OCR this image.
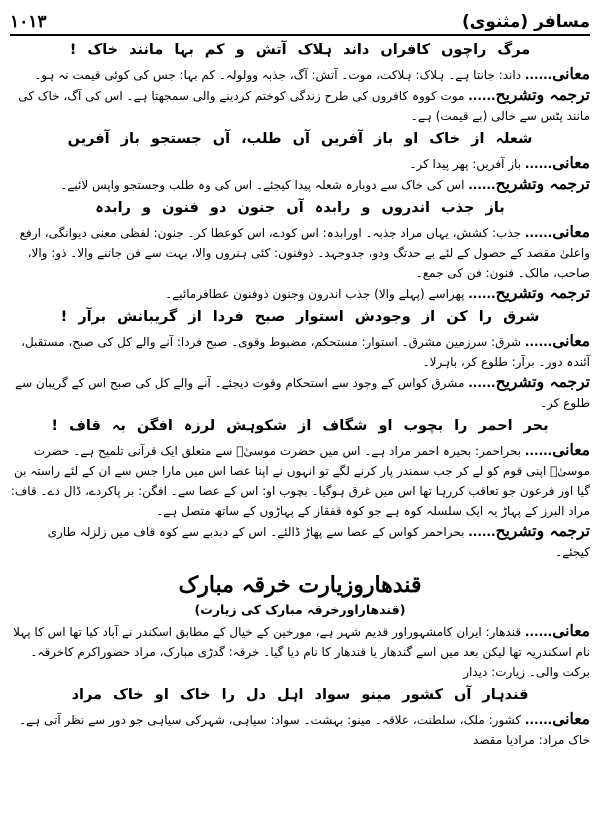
۱۰۱۳	مسافر (مثنوی)
مرگ راچوں کافراں داند ہلاک آتش و کم بہا مانند خاک !

معانی...... داند: جانتا ہے۔ ہلاک: ہلاکت، موت۔ آتش: آگ، جذبہ وولولہ۔ کم بہا: جس کی کوئی قیمت نہ ہو۔

ترجمہ وتشریح...... موت کووہ کافروں کی طرح زندگی کوختم کردینے والی سمجھتا ہے۔ اس کی آگ، خاک کی مانند پٹس سے خالی (بے قیمت) ہے۔

شعلہ از خاک او باز آفریں آں طلب، آں جستجو باز آفریں

معانی...... باز آفریں: پھر پیدا کر۔

ترجمہ وتشریح...... اس کی خاک سے دوبارہ شعلہ پیدا کیجئے۔ اس کی وہ طلب وجستجو واپس لائیے۔

باز جذب اندروں و رابدہ آں جنون دو فنون و رابدہ

معانی...... جذب: کشش، یہاں مراد جذبہ۔ اورابدہ: اس کودے، اس کوعطا کر۔ جنون: لفظی معنی دیوانگی، ارفع واعلیٰ مقصد کے حصول کے لئے بے حدتگ ودو، جدوجہد۔ ذوفنون: کئی ہنروں والا، بہت سے فن جاننے والا۔ ذو: والا، صاحب، مالک۔ فنون: فن کی جمع۔

ترجمہ وتشریح...... پھراسے (پہلے والا) جذب اندرون وجنون ذوفنون عطافرمائیے۔

شرق را کن از وجودش استوار صبح فردا از گریبانش برآر !

معانی...... شرق: سرزمین مشرق۔ استوار: مستحکم، مضبوط وقوی۔ صبح فردا: آنے والے کل کی صبح، مستقبل، آئندہ دور۔ برآر: طلوع کر، باہرلا۔

ترجمہ وتشریح...... مشرق کواس کے وجود سے استحکام وقوت دیجئے۔ آنے والے کل کی صبح اس کے گریبان سے طلوع کر۔

بحر احمر را بچوب او شگاف از شکوہش لرزہ افگن بہ قاف !

معانی...... بحراحمر: بحیرہ احمر مراد ہے۔ اس میں حضرت موسیٰؑ سے متعلق ایک قرآنی تلمیح ہے۔ حضرت موسیٰؑ اپنی قوم کو لے کر جب سمندر پار کرنے لگے تو انہوں نے اپنا عصا اس میں مارا جس سے ان کے لئے راستہ بن گیا اور فرعون جو تعاقب کررہا تھا اس میں غرق ہوگیا۔ بچوب او: اس کے عصا سے۔ افگن: بر پاکردے، ڈال دے۔ قاف: مراد البرز کے پہاڑ یہ ایک سلسلہ کوہ ہے جو کوہ قفقاز کے پہاڑوں کے ساتھ متصل ہے۔

ترجمہ وتشریح...... بحراحمر کواس کے عصا سے پھاڑ ڈالئے۔ اس کے دبدبے سے کوہ قاف میں زلزلہ طاری کیجئے۔

قندھاروزیارت خرقہ مبارک
(قندھاراورخرقہ مبارک کی زیارت)

معانی...... قندھار: ایران کامشہوراور قدیم شہر ہے، مورخین کے خیال کے مطابق اسکندر نے آباد کیا تھا اس کا پہلا نام اسکندریہ تھا لیکن بعد میں اسے گندھار یا قندھار کا نام دیا گیا۔ خرقہ: گدڑی مبارک، مراد حضوراکرم کاخرقہ۔ برکت والی۔ زیارت: دیدار

قندہار آں کشور مینو سواد اہل دل را خاک او خاک مراد

معانی...... کشور: ملک، سلطنت، علاقہ۔ مینو: بہشت۔ سواد: سیاہی، شہرکی سیاہی جو دور سے نظر آتی ہے۔ خاک مراد: مرادیا مقصد
